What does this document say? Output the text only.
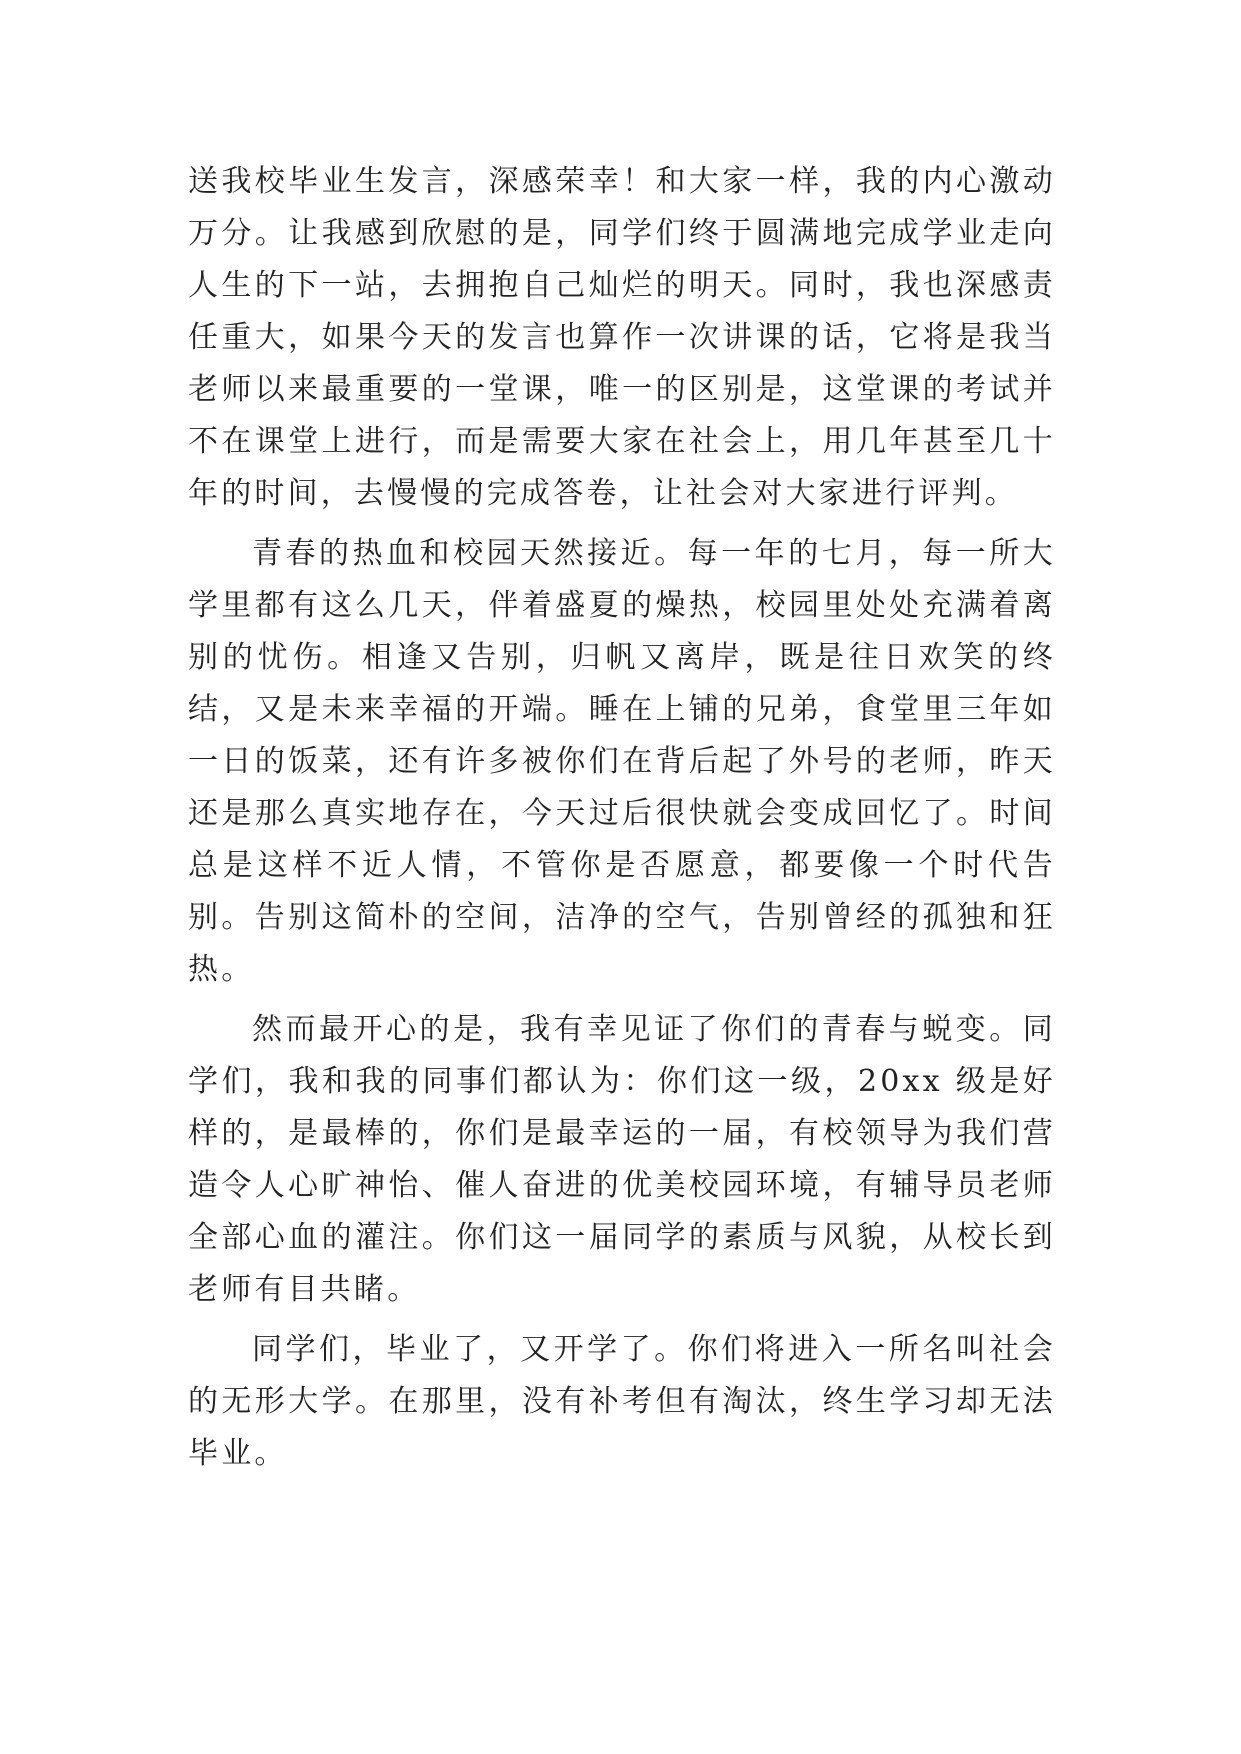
送我校毕业生发言，深感荣幸！和大家一样，我的内心激动万分。让我感到欣慰的是，同学们终于圆满地完成学业走向人生的下一站，去拥抱自己灿烂的明天。同时，我也深感责任重大，如果今天的发言也算作一次讲课的话，它将是我当老师以来最重要的一堂课，唯一的区别是，这堂课的考试并不在课堂上进行，而是需要大家在社会上，用几年甚至几十年的时间，去慢慢的完成答卷，让社会对大家进行评判。

青春的热血和校园天然接近。每一年的七月，每一所大学里都有这么几天，伴着盛夏的燥热，校园里处处充满着离别的忧伤。相逢又告别，归帆又离岸，既是往日欢笑的终结，又是未来幸福的开端。睡在上铺的兄弟，食堂里三年如一日的饭菜，还有许多被你们在背后起了外号的老师，昨天还是那么真实地存在，今天过后很快就会变成回忆了。时间总是这样不近人情，不管你是否愿意，都要像一个时代告别。告别这简朴的空间，洁净的空气，告别曾经的孤独和狂热。

然而最开心的是，我有幸见证了你们的青春与蜕变。同学们，我和我的同事们都认为：你们这一级，20xx 级是好样的，是最棒的，你们是最幸运的一届，有校领导为我们营造令人心旷神怡、催人奋进的优美校园环境，有辅导员老师全部心血的灌注。你们这一届同学的素质与风貌，从校长到老师有目共睹。

同学们，毕业了，又开学了。你们将进入一所名叫社会的无形大学。在那里，没有补考但有淘汰，终生学习却无法毕业。
